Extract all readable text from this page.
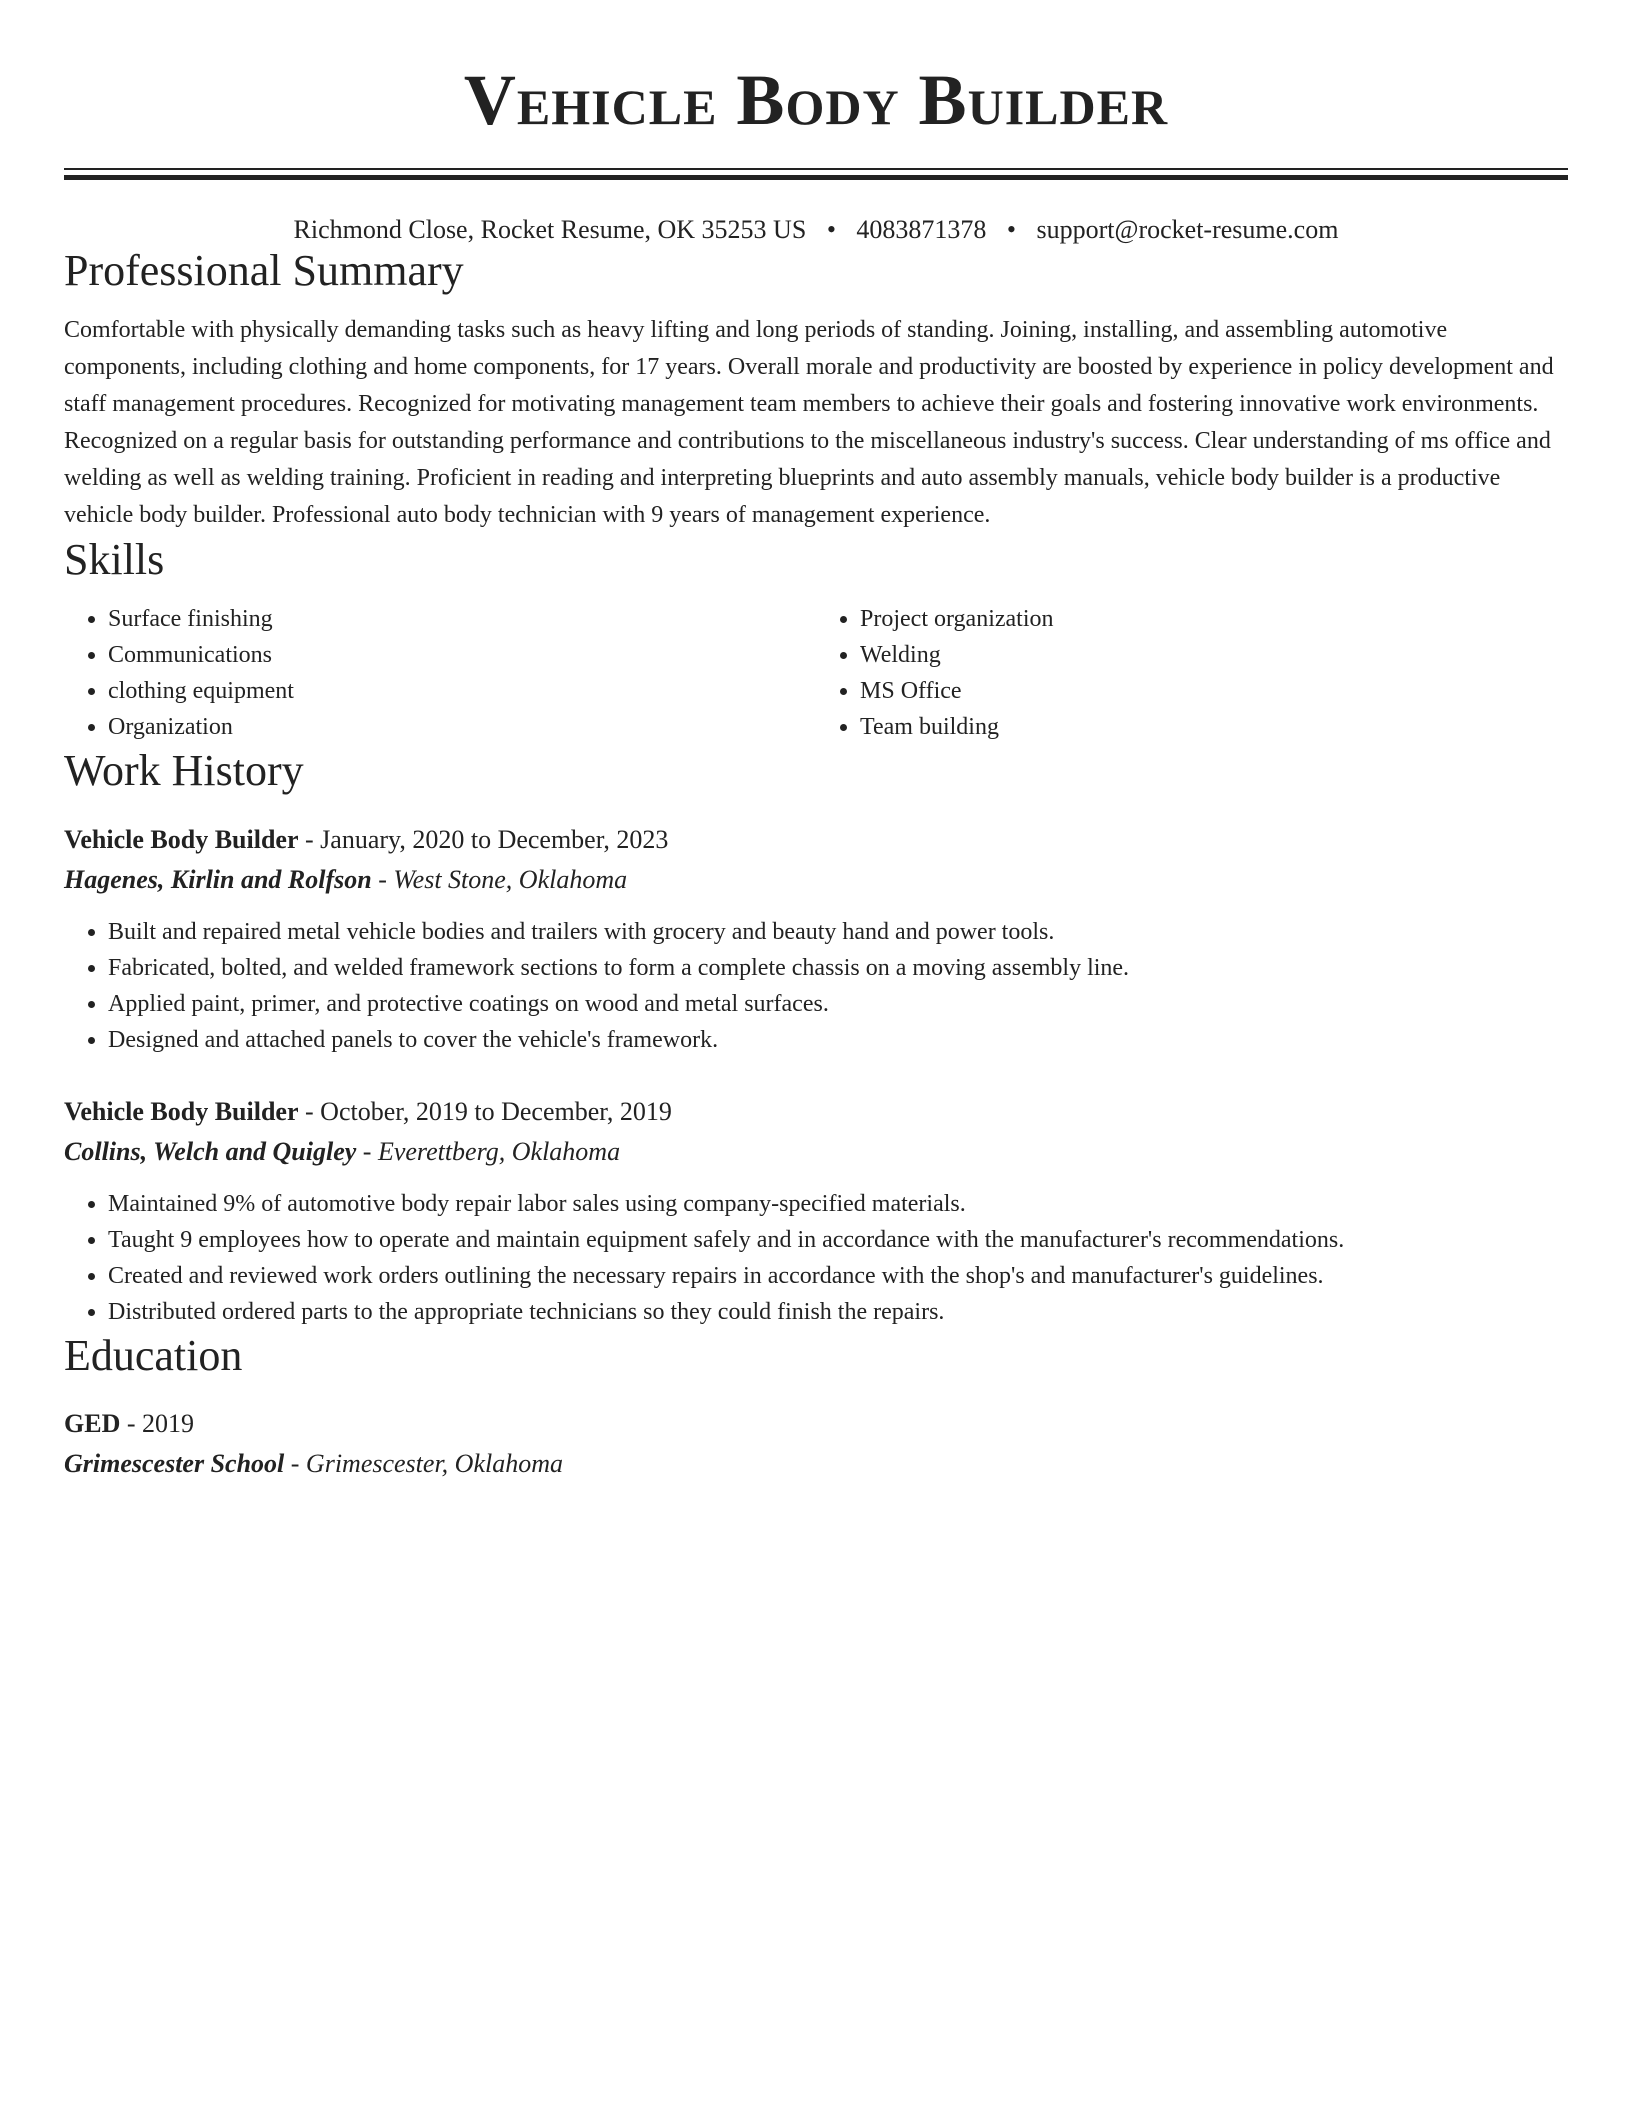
Vehicle Body Builder
Richmond Close, Rocket Resume, OK 35253 US • 4083871378 • support@rocket-resume.com
Professional Summary
Comfortable with physically demanding tasks such as heavy lifting and long periods of standing. Joining, installing, and assembling automotive components, including clothing and home components, for 17 years. Overall morale and productivity are boosted by experience in policy development and staff management procedures. Recognized for motivating management team members to achieve their goals and fostering innovative work environments. Recognized on a regular basis for outstanding performance and contributions to the miscellaneous industry's success. Clear understanding of ms office and welding as well as welding training. Proficient in reading and interpreting blueprints and auto assembly manuals, vehicle body builder is a productive vehicle body builder. Professional auto body technician with 9 years of management experience.
Skills
• Surface finishing
• Communications
• clothing equipment
• Organization
• Project organization
• Welding
• MS Office
• Team building
Work History
Vehicle Body Builder - January, 2020 to December, 2023
Hagenes, Kirlin and Rolfson - West Stone, Oklahoma
• Built and repaired metal vehicle bodies and trailers with grocery and beauty hand and power tools.
• Fabricated, bolted, and welded framework sections to form a complete chassis on a moving assembly line.
• Applied paint, primer, and protective coatings on wood and metal surfaces.
• Designed and attached panels to cover the vehicle's framework.
Vehicle Body Builder - October, 2019 to December, 2019
Collins, Welch and Quigley - Everettberg, Oklahoma
• Maintained 9% of automotive body repair labor sales using company-specified materials.
• Taught 9 employees how to operate and maintain equipment safely and in accordance with the manufacturer's recommendations.
• Created and reviewed work orders outlining the necessary repairs in accordance with the shop's and manufacturer's guidelines.
• Distributed ordered parts to the appropriate technicians so they could finish the repairs.
Education
GED - 2019
Grimescester School - Grimescester, Oklahoma
